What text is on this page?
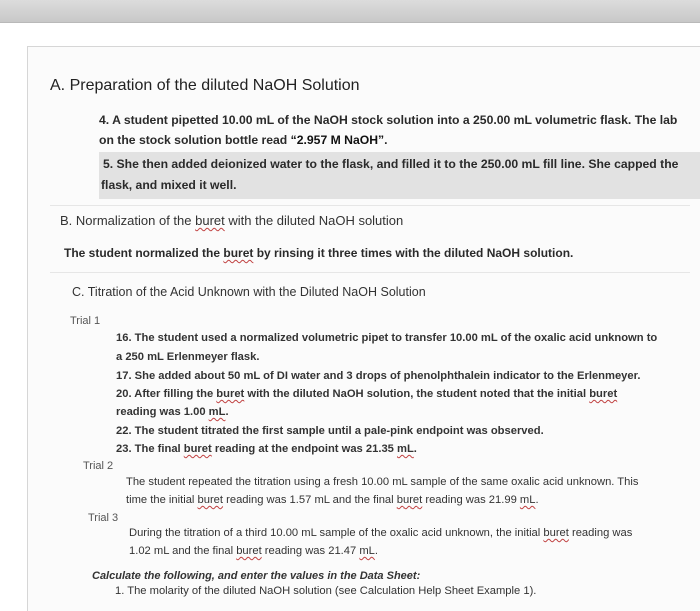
A. Preparation of the diluted NaOH Solution
4. A student pipetted 10.00 mL of the NaOH stock solution into a 250.00 mL volumetric flask. The lab
on the stock solution bottle read “2.957 M NaOH”.
5. She then added deionized water to the flask, and filled it to the 250.00 mL fill line. She capped the
flask, and mixed it well.
B. Normalization of the buret with the diluted NaOH solution
The student normalized the buret by rinsing it three times with the diluted NaOH solution.
C. Titration of the Acid Unknown with the Diluted NaOH Solution
Trial 1
16. The student used a normalized volumetric pipet to transfer 10.00 mL of the oxalic acid unknown to
a 250 mL Erlenmeyer flask.
17. She added about 50 mL of DI water and 3 drops of phenolphthalein indicator to the Erlenmeyer.
20. After filling the buret with the diluted NaOH solution, the student noted that the initial buret
reading was 1.00 mL.
22. The student titrated the first sample until a pale-pink endpoint was observed.
23. The final buret reading at the endpoint was 21.35 mL.
Trial 2
The student repeated the titration using a fresh 10.00 mL sample of the same oxalic acid unknown. This
time the initial buret reading was 1.57 mL and the final buret reading was 21.99 mL.
Trial 3
During the titration of a third 10.00 mL sample of the oxalic acid unknown, the initial buret reading was
1.02 mL and the final buret reading was 21.47 mL.
Calculate the following, and enter the values in the Data Sheet:
1. The molarity of the diluted NaOH solution (see Calculation Help Sheet Example 1).
